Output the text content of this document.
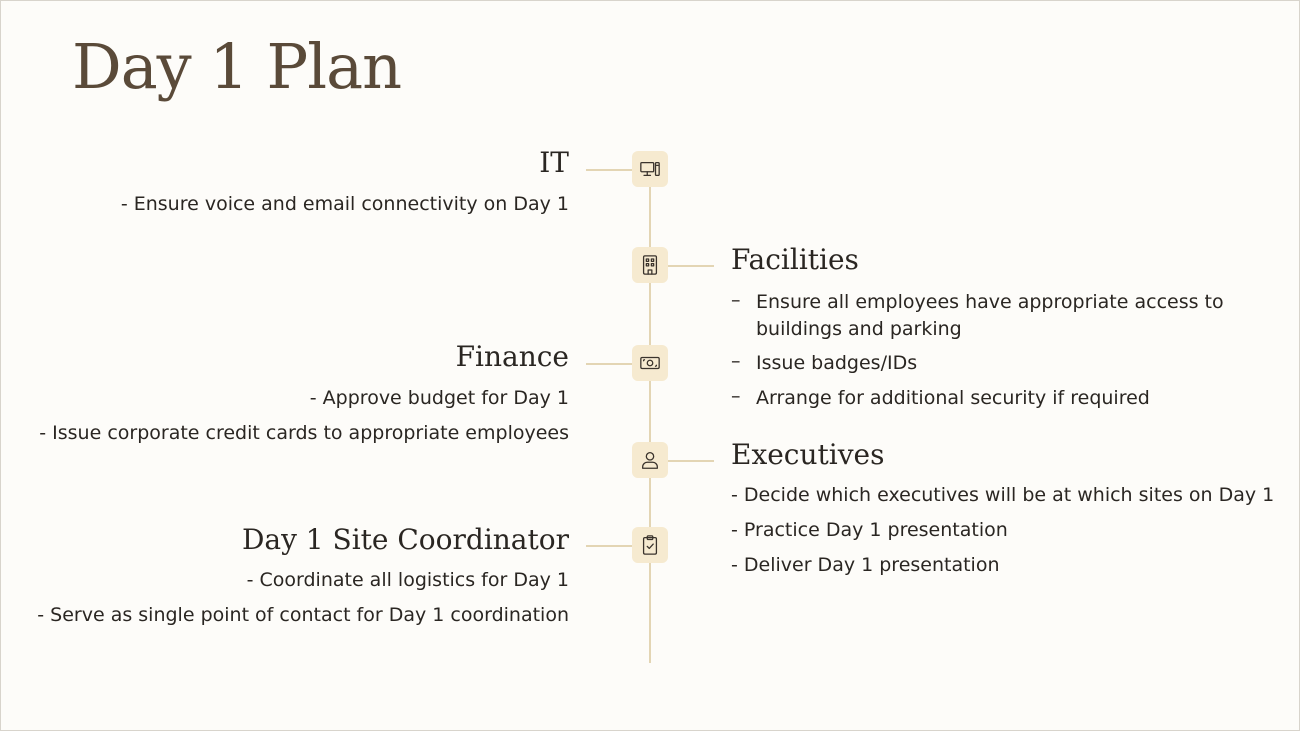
Day 1 Plan
IT
- Ensure voice and email connectivity on Day 1
Facilities
– Ensure all employees have appropriate access to buildings and parking
– Issue badges/IDs
– Arrange for additional security if required
Finance
- Approve budget for Day 1
- Issue corporate credit cards to appropriate employees
Executives
- Decide which executives will be at which sites on Day 1
- Practice Day 1 presentation
- Deliver Day 1 presentation
Day 1 Site Coordinator
- Coordinate all logistics for Day 1
- Serve as single point of contact for Day 1 coordination
